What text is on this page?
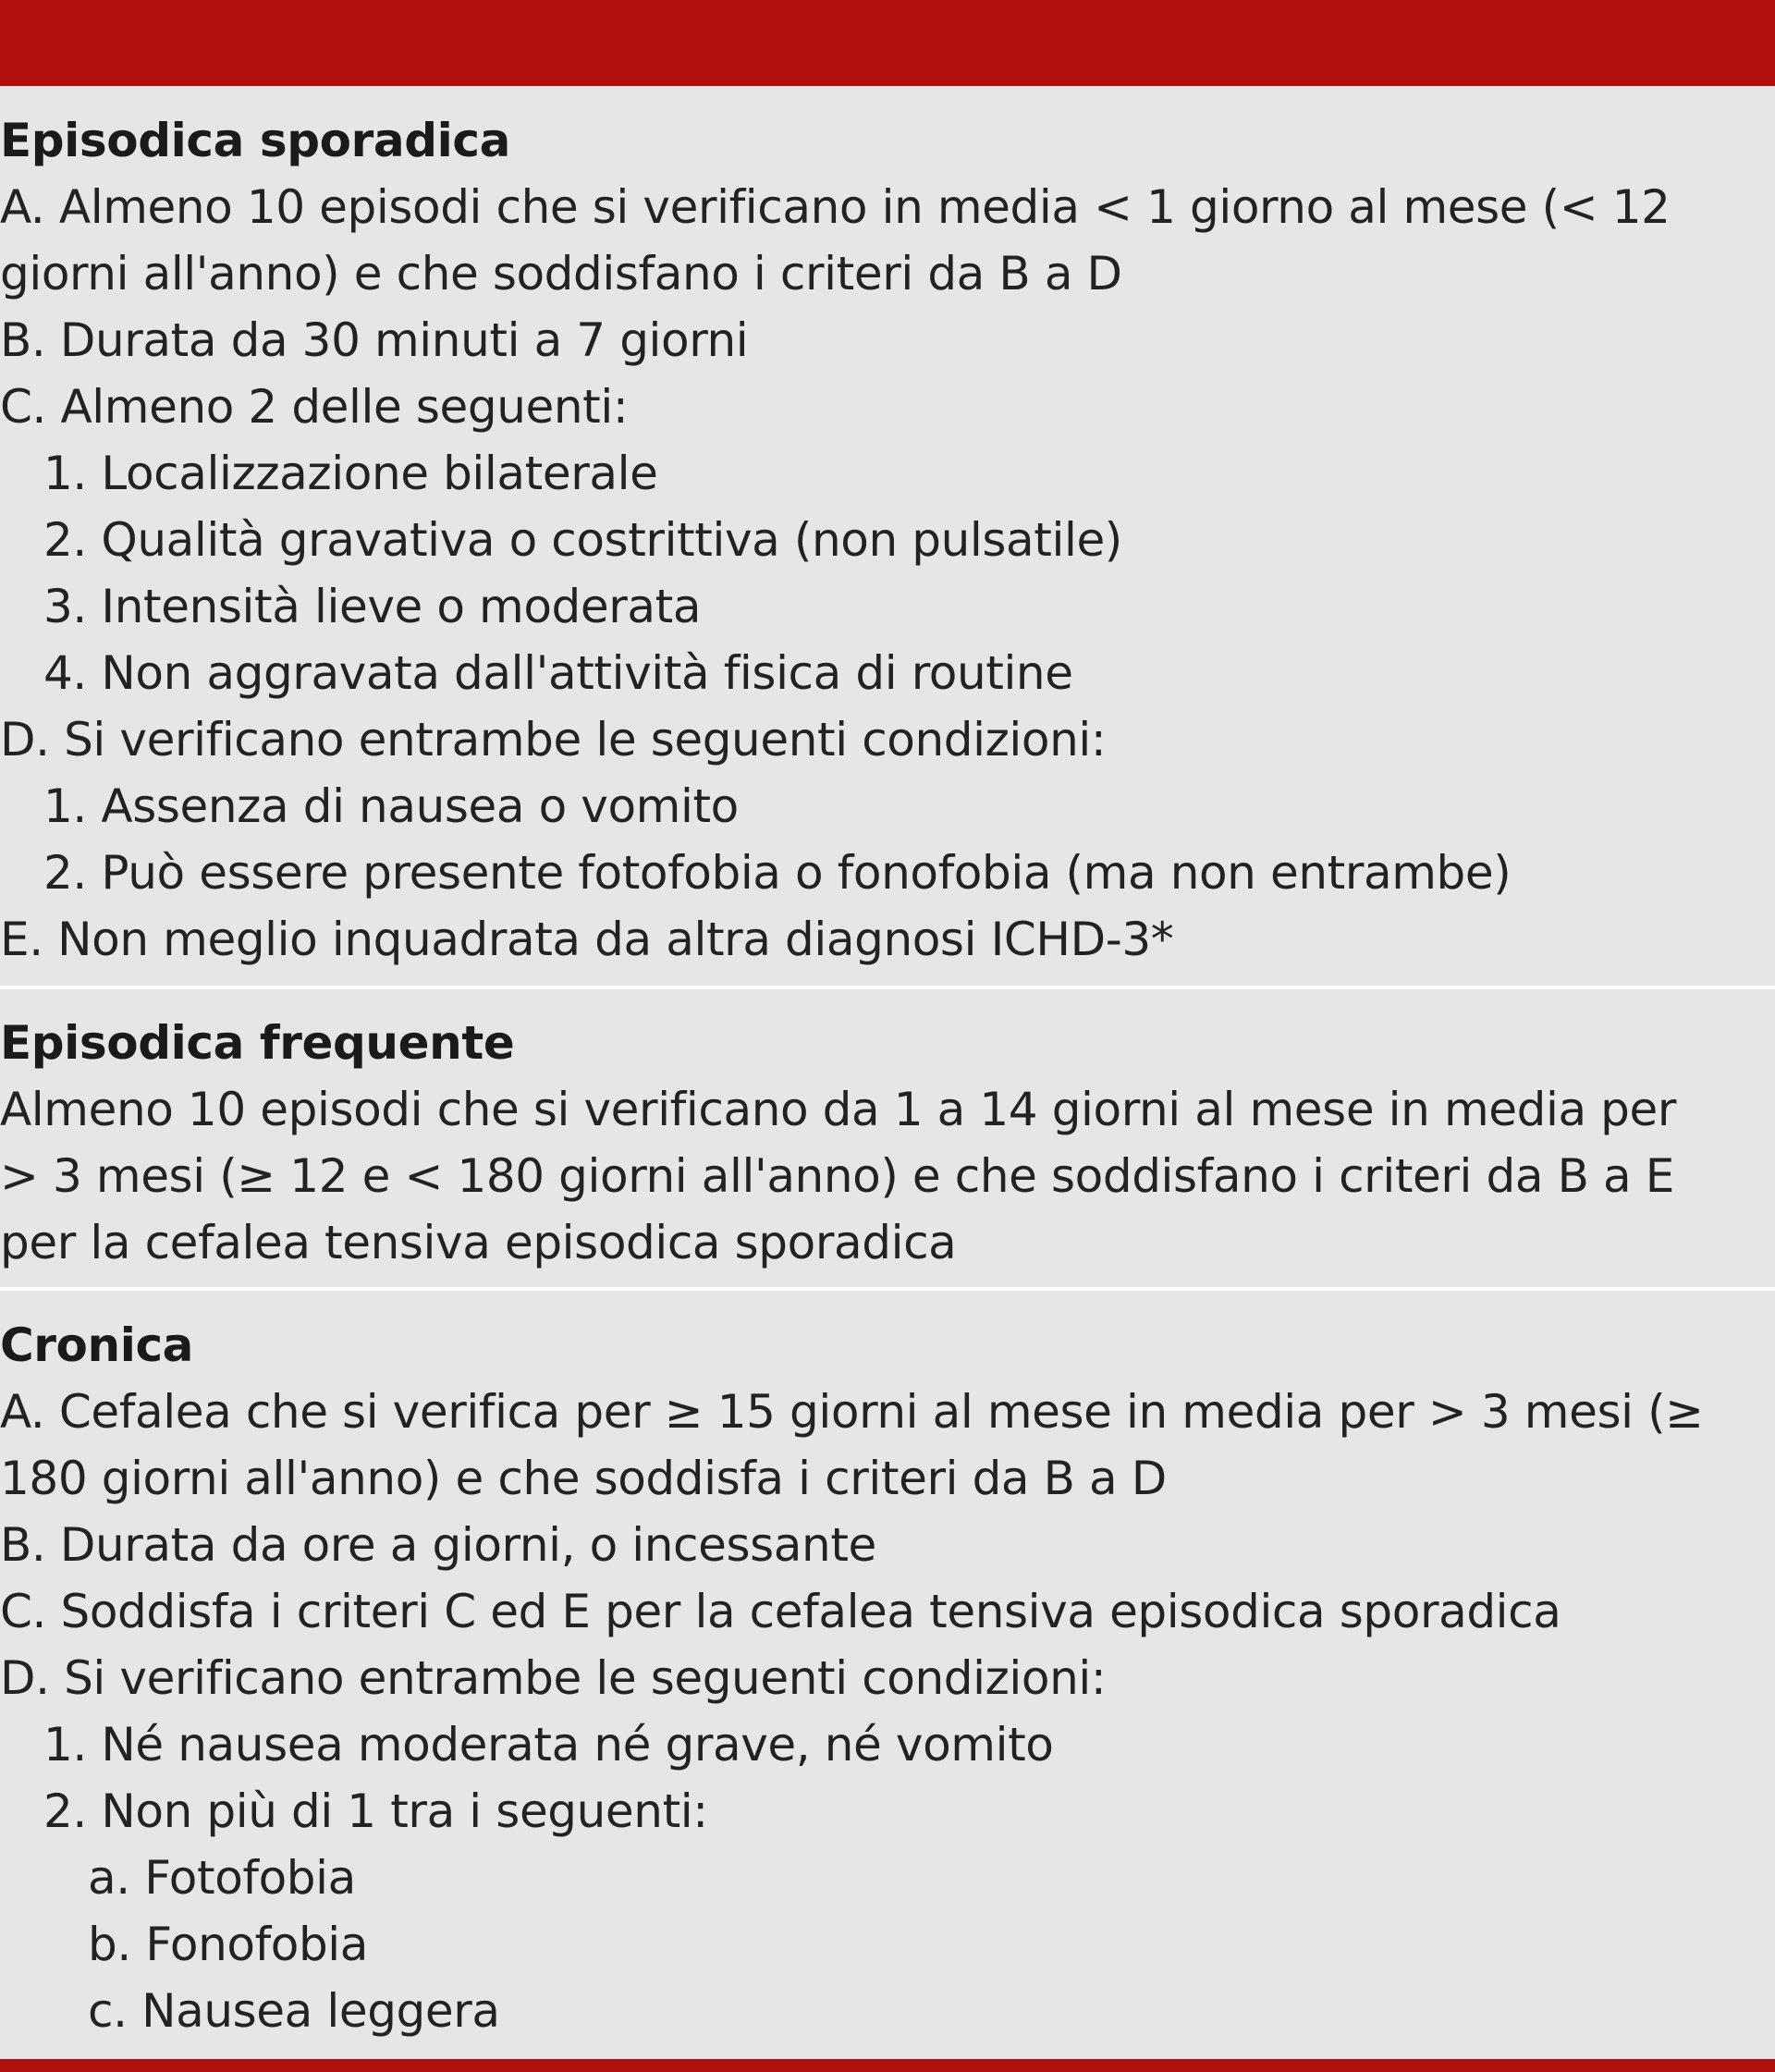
Episodica sporadica
A. Almeno 10 episodi che si verificano in media < 1 giorno al mese (< 12
giorni all'anno) e che soddisfano i criteri da B a D
B. Durata da 30 minuti a 7 giorni
C. Almeno 2 delle seguenti:
1. Localizzazione bilaterale
2. Qualità gravativa o costrittiva (non pulsatile)
3. Intensità lieve o moderata
4. Non aggravata dall'attività fisica di routine
D. Si verificano entrambe le seguenti condizioni:
1. Assenza di nausea o vomito
2. Può essere presente fotofobia o fonofobia (ma non entrambe)
E. Non meglio inquadrata da altra diagnosi ICHD-3*
Episodica frequente
Almeno 10 episodi che si verificano da 1 a 14 giorni al mese in media per
> 3 mesi (≥ 12 e < 180 giorni all'anno) e che soddisfano i criteri da B a E
per la cefalea tensiva episodica sporadica
Cronica
A. Cefalea che si verifica per ≥ 15 giorni al mese in media per > 3 mesi (≥
180 giorni all'anno) e che soddisfa i criteri da B a D
B. Durata da ore a giorni, o incessante
C. Soddisfa i criteri C ed E per la cefalea tensiva episodica sporadica
D. Si verificano entrambe le seguenti condizioni:
1. Né nausea moderata né grave, né vomito
2. Non più di 1 tra i seguenti:
a. Fotofobia
b. Fonofobia
c. Nausea leggera
